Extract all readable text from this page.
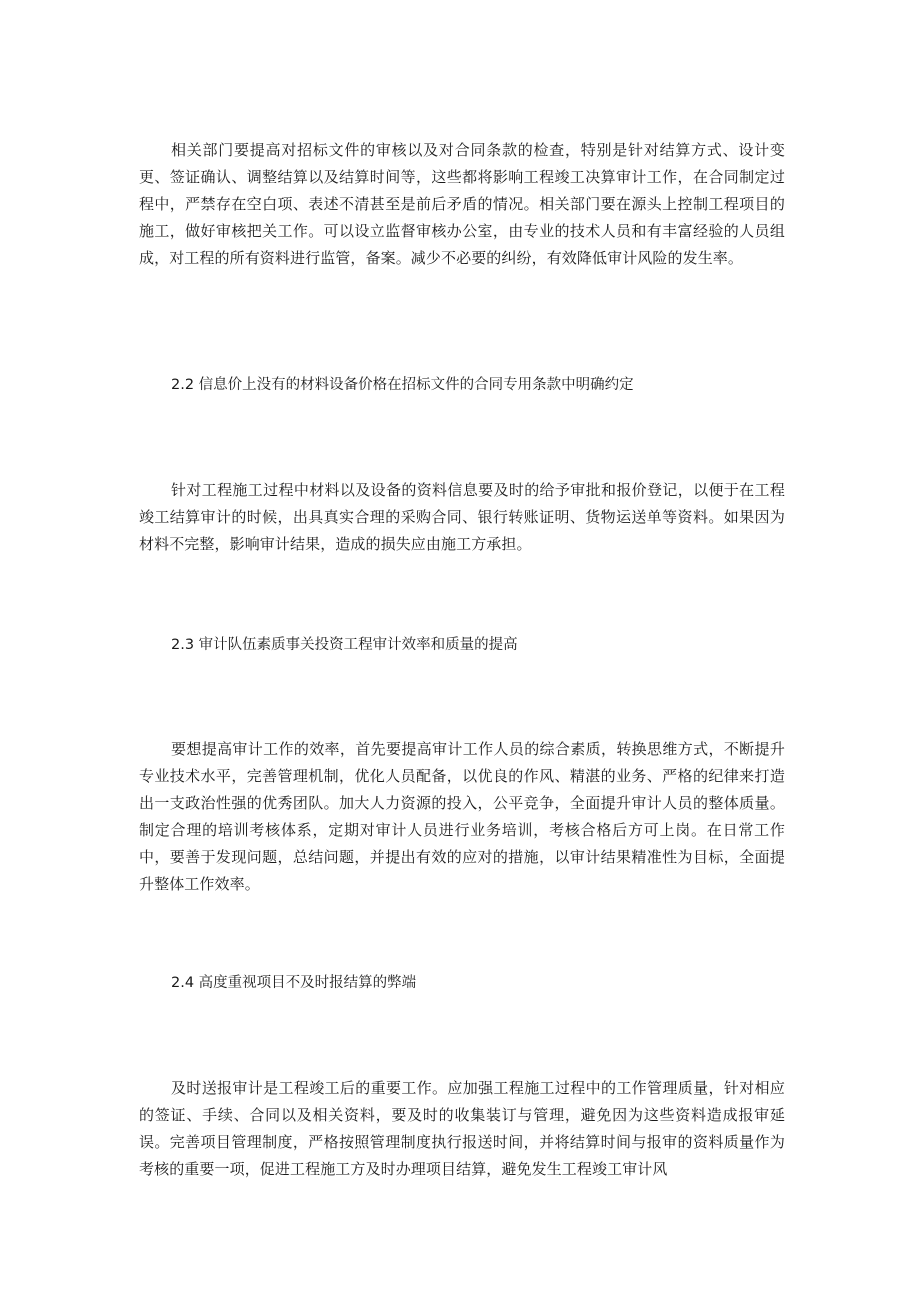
相关部门要提高对招标文件的审核以及对合同条款的检查，特别是针对结算方式、设计变更、签证确认、调整结算以及结算时间等，这些都将影响工程竣工决算审计工作，在合同制定过程中，严禁存在空白项、表述不清甚至是前后矛盾的情况。相关部门要在源头上控制工程项目的施工，做好审核把关工作。可以设立监督审核办公室，由专业的技术人员和有丰富经验的人员组成，对工程的所有资料进行监管，备案。减少不必要的纠纷，有效降低审计风险的发生率。

2.2 信息价上没有的材料设备价格在招标文件的合同专用条款中明确约定

针对工程施工过程中材料以及设备的资料信息要及时的给予审批和报价登记，以便于在工程竣工结算审计的时候，出具真实合理的采购合同、银行转账证明、货物运送单等资料。如果因为材料不完整，影响审计结果，造成的损失应由施工方承担。

2.3 审计队伍素质事关投资工程审计效率和质量的提高

要想提高审计工作的效率，首先要提高审计工作人员的综合素质，转换思维方式，不断提升专业技术水平，完善管理机制，优化人员配备，以优良的作风、精湛的业务、严格的纪律来打造出一支政治性强的优秀团队。加大人力资源的投入，公平竞争，全面提升审计人员的整体质量。制定合理的培训考核体系，定期对审计人员进行业务培训，考核合格后方可上岗。在日常工作中，要善于发现问题，总结问题，并提出有效的应对的措施，以审计结果精准性为目标，全面提升整体工作效率。

2.4 高度重视项目不及时报结算的弊端

及时送报审计是工程竣工后的重要工作。应加强工程施工过程中的工作管理质量，针对相应的签证、手续、合同以及相关资料，要及时的收集装订与管理，避免因为这些资料造成报审延误。完善项目管理制度，严格按照管理制度执行报送时间，并将结算时间与报审的资料质量作为考核的重要一项，促进工程施工方及时办理项目结算，避免发生工程竣工审计风
